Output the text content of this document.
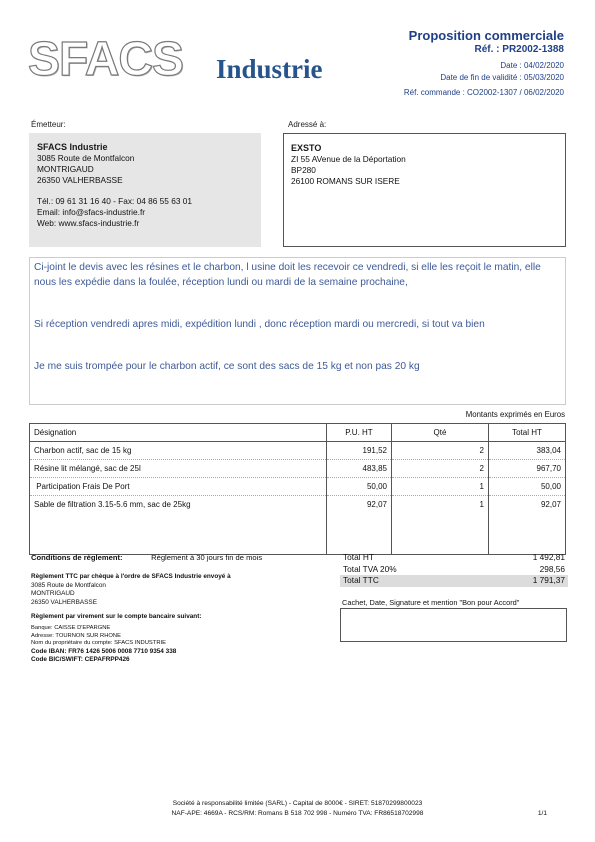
SFACS Industrie
Proposition commerciale
Réf. : PR2002-1388
Date : 04/02/2020
Date de fin de validité : 05/03/2020
Réf. commande : CO2002-1307 / 06/02/2020
Émetteur:	Adressé à:
SFACS Industrie
3085 Route de Montfalcon
MONTRIGAUD
26350 VALHERBASSE
Tél.: 09 61 31 16 40 - Fax: 04 86 55 63 01
Email: info@sfacs-industrie.fr
Web: www.sfacs-industrie.fr
EXSTO
ZI 55 AVenue de la Déportation
BP280
26100 ROMANS SUR ISERE

Ci-joint le devis avec les résines et le charbon, l usine doit les recevoir ce vendredi, si elle les reçoit le matin, elle nous les expédie dans la foulée, réception lundi ou mardi de la semaine prochaine,

Si réception vendredi apres midi, expédition lundi , donc réception mardi ou mercredi, si tout va bien

Je me suis trompée pour le charbon actif, ce sont des sacs de 15 kg et non pas 20 kg

Montants exprimés en Euros
Désignation	P.U. HT	Qté	Total HT
Charbon actif, sac de 15 kg	191,52	2	383,04
Résine lit mélangé, sac de 25l	483,85	2	967,70
Participation Frais De Port	50,00	1	50,00
Sable de filtration 3.15-5.6 mm, sac de 25kg	92,07	1	92,07
Conditions de règlement:	Règlement à 30 jours fin de mois
Règlement TTC par chèque à l'ordre de SFACS Industrie envoyé à
3085 Route de Montfalcon
MONTRIGAUD
26350 VALHERBASSE
Règlement par virement sur le compte bancaire suivant:
Banque: CAISSE D'EPARGNE
Adresse: TOURNON SUR RHONE
Nom du propriétaire du compte: SFACS INDUSTRIE
Code IBAN: FR76 1426 5006 0008 7710 9354 338
Code BIC/SWIFT: CEPAFRPP426
Total HT	1 492,81
Total TVA 20%	298,56
Total TTC	1 791,37
Cachet, Date, Signature et mention "Bon pour Accord"
Société à responsabilité limitée (SARL) - Capital de 8000€ - SIRET: 51870299800023
NAF-APE: 4669A - RCS/RM: Romans B 518 702 998 - Numéro TVA: FR86518702998	1/1
